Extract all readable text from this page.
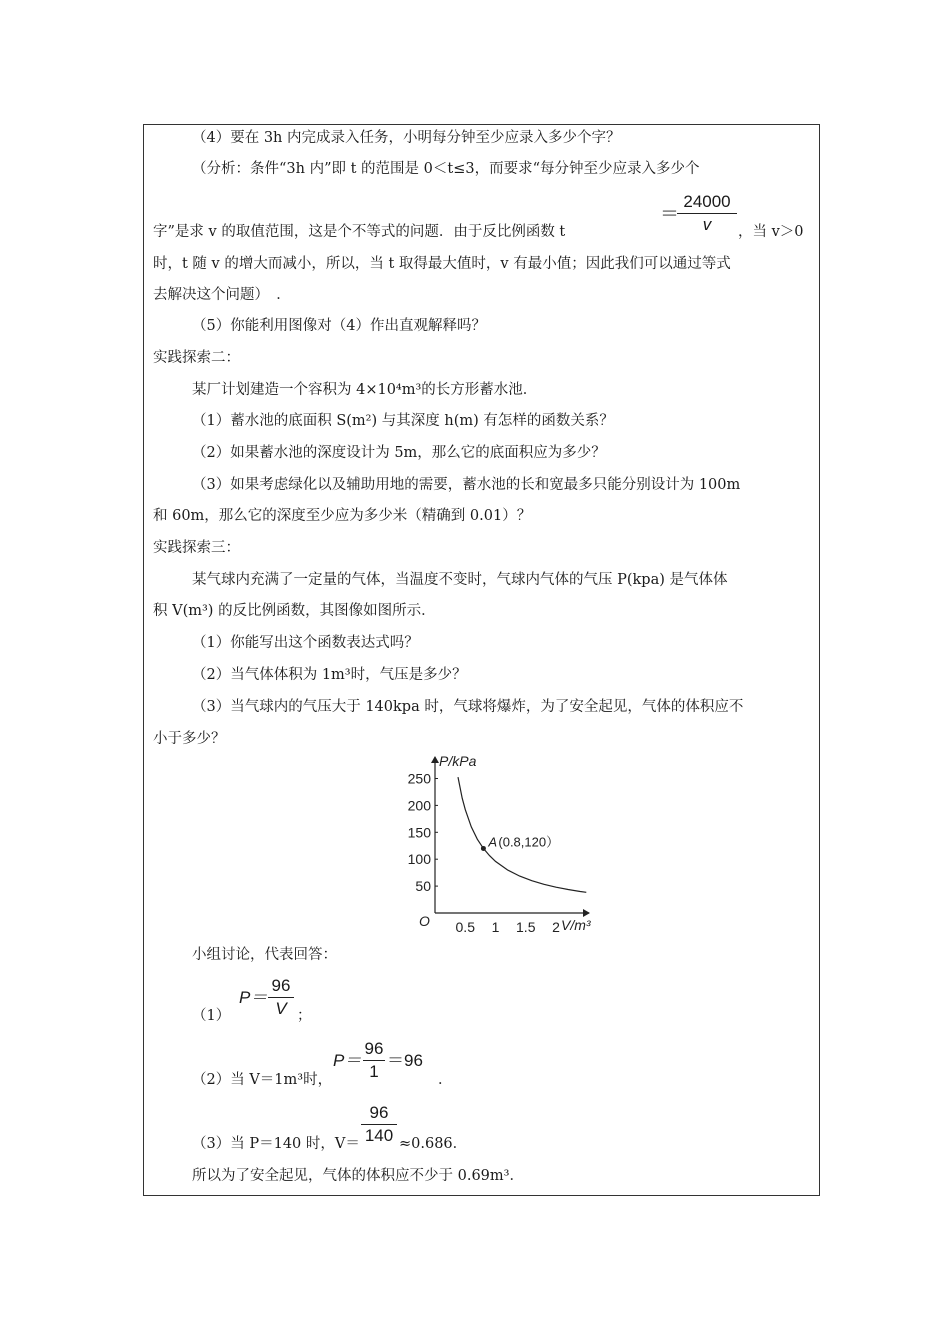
（4）要在 3h 内完成录入任务，小明每分钟至少应录入多少个字？
（分析：条件“3h 内”即 t 的范围是 0＜t≤3，而要求“每分钟至少应录入多少个
字”是求 v 的取值范围，这是个不等式的问题．由于反比例函数 t
＝
24000
v	，当 v＞0
时，t 随 v 的增大而减小，所以，当 t 取得最大值时，v 有最小值；因此我们可以通过等式
去解决这个问题）　．
（5）你能利用图像对（4）作出直观解释吗？
实践探索二：
某厂计划建造一个容积为 4×10⁴m³的长方形蓄水池．
（1）蓄水池的底面积 S(m²) 与其深度 h(m) 有怎样的函数关系？
（2）如果蓄水池的深度设计为 5m，那么它的底面积应为多少？
（3）如果考虑绿化以及辅助用地的需要，蓄水池的长和宽最多只能分别设计为 100m
和 60m，那么它的深度至少应为多少米（精确到 0.01）？
实践探索三：
某气球内充满了一定量的气体，当温度不变时，气球内气体的气压 P(kpa) 是气体体
积 V(m³) 的反比例函数，其图像如图所示．
（1）你能写出这个函数表达式吗？
（2）当气体体积为 1m³时，气压是多少？
（3）当气球内的气压大于 140kpa 时，气球将爆炸，为了安全起见，气体的体积应不
小于多少？
P/kPa
V/m³
O 0.5 1 1.5 2
50
100
150
200
250
A (0.8,120）
小组讨论，代表回答：
（1）
P＝
96
V ；
（2）当 V＝1m³时，
P＝
96
1
＝96
．
（3）当 P＝140 时，V＝
96
140 ≈0.686．
所以为了安全起见，气体的体积应不少于 0.69m³．
